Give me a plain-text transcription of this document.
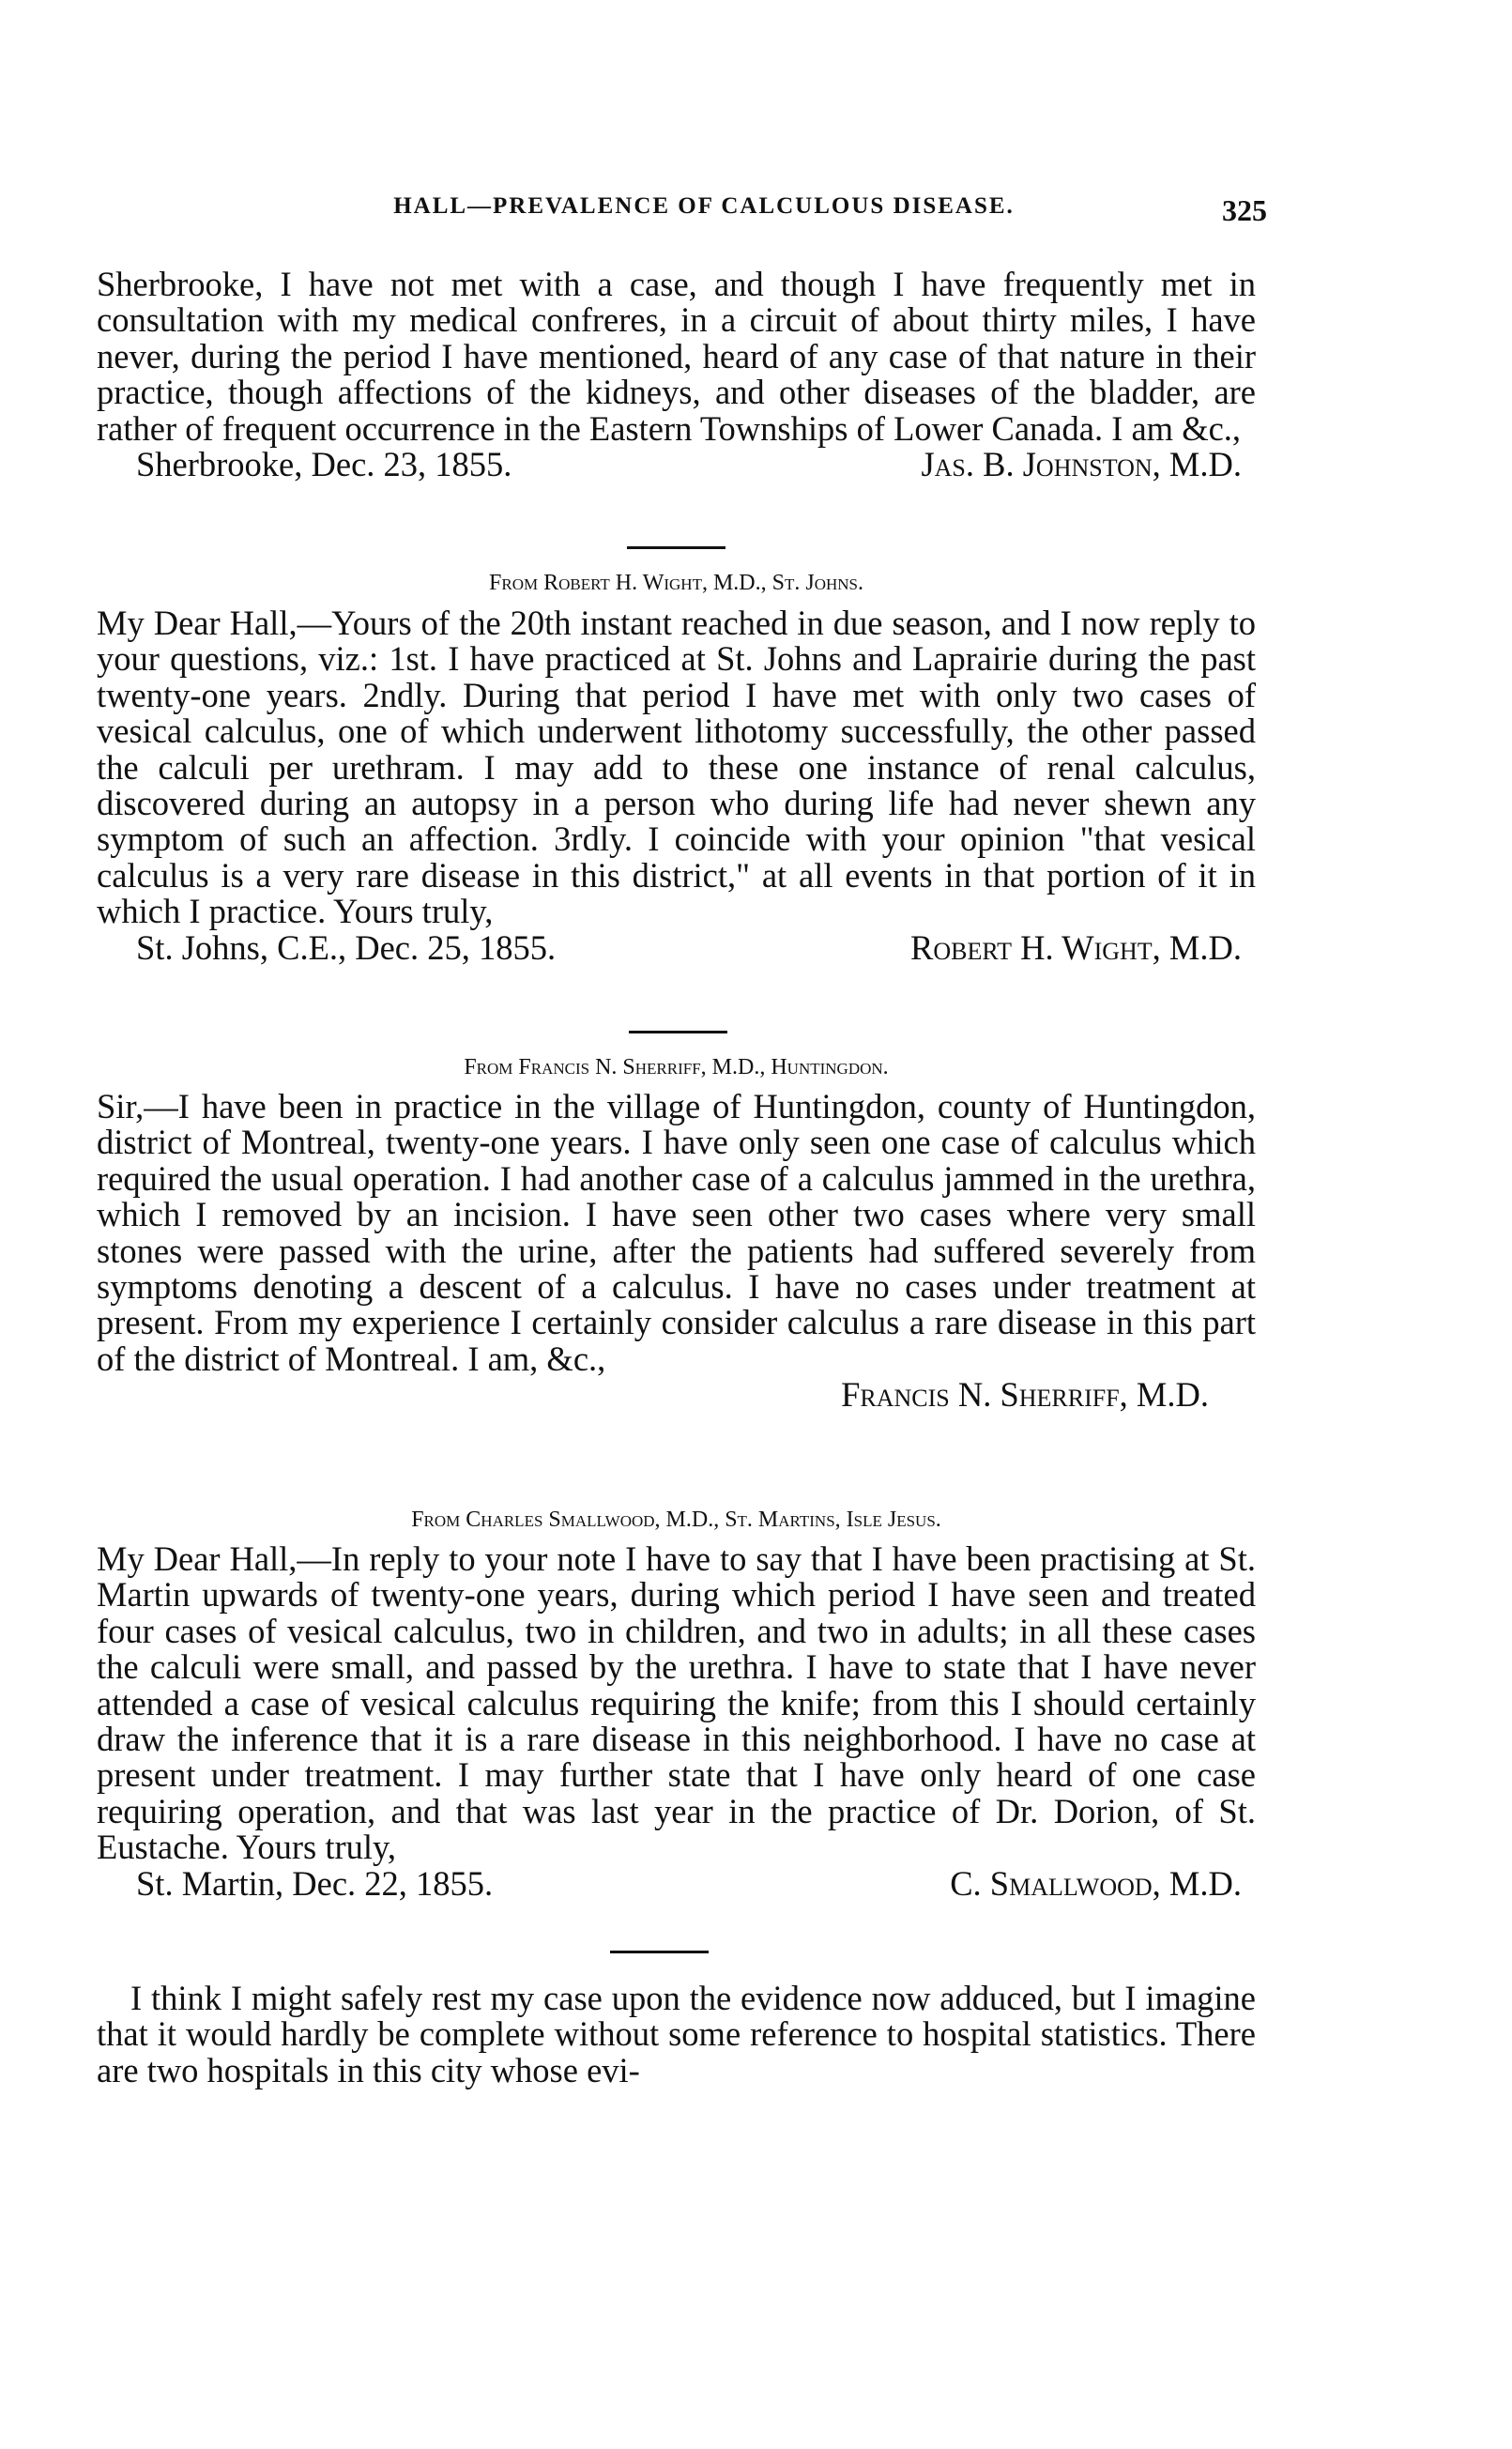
HALL—PREVALENCE OF CALCULOUS DISEASE.	325

Sherbrooke, I have not met with a case, and though I have frequently met in consultation with my medical confreres, in a circuit of about thirty miles, I have never, during the period I have mentioned, heard of any case of that nature in their practice, though affections of the kidneys, and other diseases of the bladder, are rather of frequent occurrence in the Eastern Townships of Lower Canada. I am &c.,

Sherbrooke, Dec. 23, 1855.	Jas. B. Johnston, M.D.

From Robert H. Wight, M.D., St. Johns.

My Dear Hall,—Yours of the 20th instant reached in due season, and I now reply to your questions, viz.: 1st. I have practiced at St. Johns and Laprairie during the past twenty-one years. 2ndly. During that period I have met with only two cases of vesical calculus, one of which underwent lithotomy successfully, the other passed the calculi per urethram. I may add to these one instance of renal calculus, discovered during an autopsy in a person who during life had never shewn any symptom of such an affection. 3rdly. I coincide with your opinion "that vesical calculus is a very rare disease in this district," at all events in that portion of it in which I practice. Yours truly,

St. Johns, C.E., Dec. 25, 1855.	Robert H. Wight, M.D.

From Francis N. Sherriff, M.D., Huntingdon.

Sir,—I have been in practice in the village of Huntingdon, county of Huntingdon, district of Montreal, twenty-one years. I have only seen one case of calculus which required the usual operation. I had another case of a calculus jammed in the urethra, which I removed by an incision. I have seen other two cases where very small stones were passed with the urine, after the patients had suffered severely from symptoms denoting a descent of a calculus. I have no cases under treatment at present. From my experience I certainly consider calculus a rare disease in this part of the district of Montreal. I am, &c.,

Francis N. Sherriff, M.D.

From Charles Smallwood, M.D., St. Martins, Isle Jesus.

My Dear Hall,—In reply to your note I have to say that I have been practising at St. Martin upwards of twenty-one years, during which period I have seen and treated four cases of vesical calculus, two in children, and two in adults; in all these cases the calculi were small, and passed by the urethra. I have to state that I have never attended a case of vesical calculus requiring the knife; from this I should certainly draw the inference that it is a rare disease in this neighborhood. I have no case at present under treatment. I may further state that I have only heard of one case requiring operation, and that was last year in the practice of Dr. Dorion, of St. Eustache. Yours truly,

St. Martin, Dec. 22, 1855.	C. Smallwood, M.D.

I think I might safely rest my case upon the evidence now adduced, but I imagine that it would hardly be complete without some reference to hospital statistics. There are two hospitals in this city whose evi-
